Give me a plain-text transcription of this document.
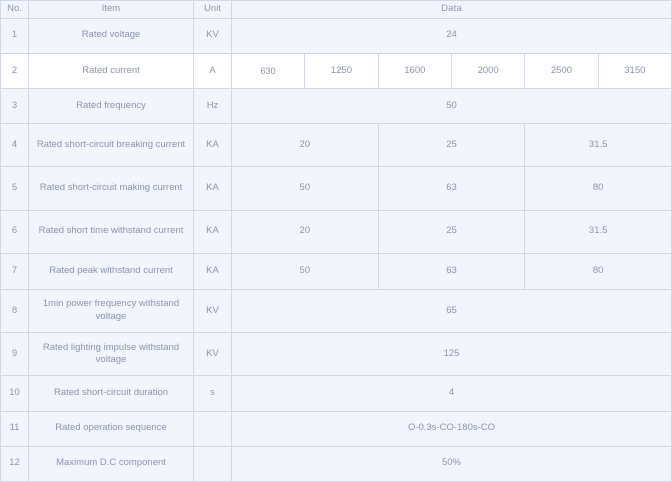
No.	Item	Unit	Data					
1	Rated voltage	KV	24					
2	Rated current	A	630	1250	1600	2000	2500	3150
3	Rated frequency	Hz	50					
4	Rated short-circuit breaking current	KA	20		25		31.5	
5	Rated short-circuit making current	KA	50		63		80	
6	Rated short time withstand current	KA	20		25		31.5	
7	Rated peak withstand current	KA	50		63		80	
8	1min power frequency withstand voltage	KV	65					
9	Rated lighting impulse withstand voltage	KV	125					
10	Rated short-circuit duration	s	4					
11	Rated operation sequence		O-0.3s-CO-180s-CO					
12	Maximum D.C component		50%					
